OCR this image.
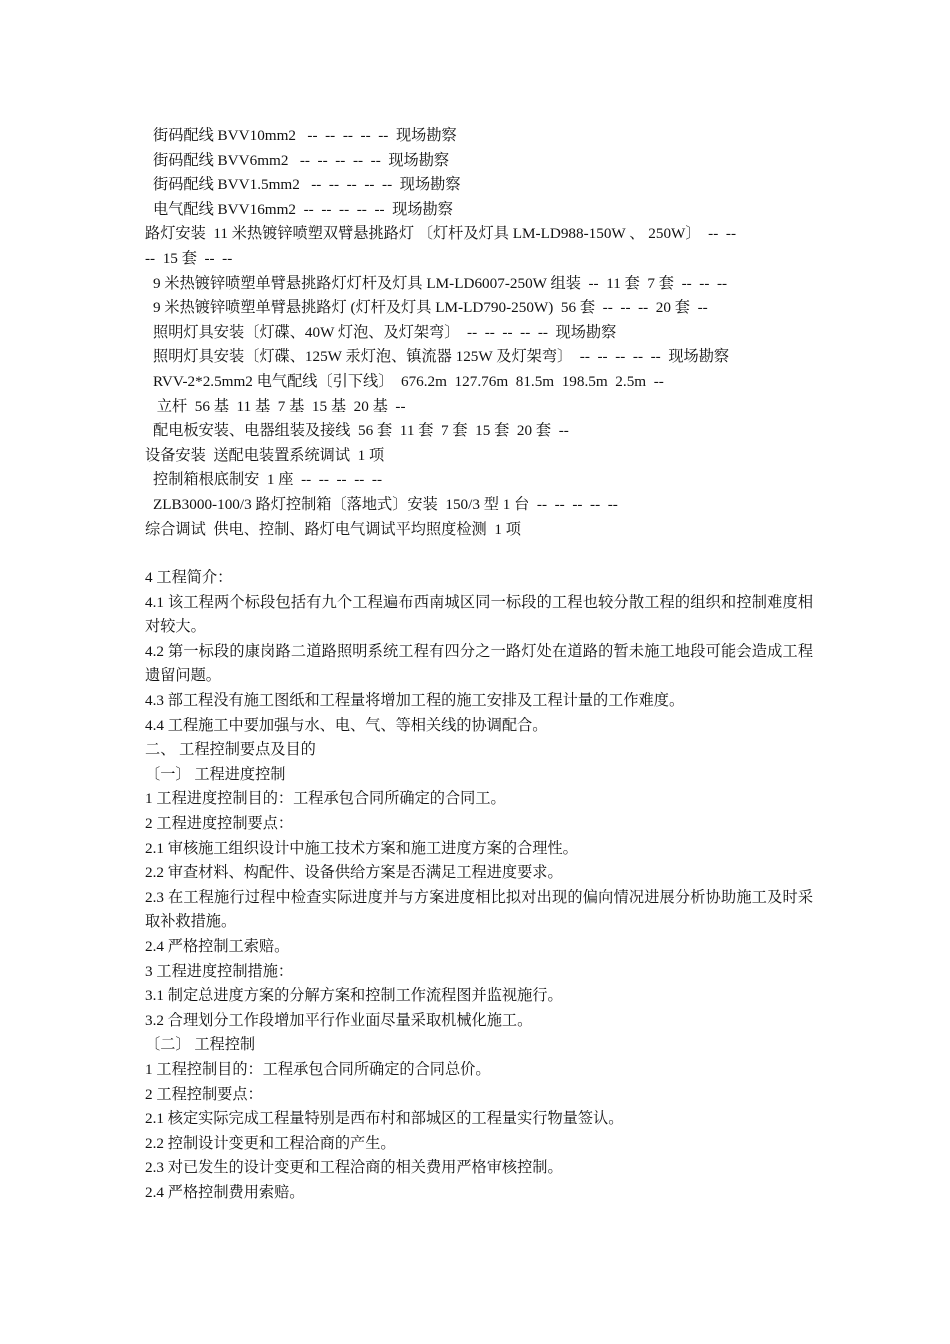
街码配线 BVV10mm2   --  --  --  --  --  现场勘察
街码配线 BVV6mm2   --  --  --  --  --  现场勘察
街码配线 BVV1.5mm2   --  --  --  --  --  现场勘察
电气配线 BVV16mm2  --  --  --  --  --  现场勘察
路灯安装  11 米热镀锌喷塑双臂悬挑路灯 〔灯杆及灯具 LM-LD988-150W 、 250W〕  --  --
--  15 套  --  --
9 米热镀锌喷塑单臂悬挑路灯灯杆及灯具 LM-LD6007-250W 组装  --  11 套  7 套  --  --  --
9 米热镀锌喷塑单臂悬挑路灯 (灯杆及灯具 LM-LD790-250W)  56 套  --  --  --  20 套  --
照明灯具安装〔灯碟、40W 灯泡、及灯架弯〕  --  --  --  --  --  现场勘察
照明灯具安装〔灯碟、125W 汞灯泡、镇流器 125W 及灯架弯〕  --  --  --  --  --  现场勘察
RVV-2*2.5mm2 电气配线〔引下线〕  676.2m  127.76m  81.5m  198.5m  2.5m  --
立杆  56 基  11 基  7 基  15 基  20 基  --
配电板安装、电器组装及接线  56 套  11 套  7 套  15 套  20 套  --
设备安装  送配电装置系统调试  1 项
控制箱根底制安  1 座  --  --  --  --  --
ZLB3000-100/3 路灯控制箱〔落地式〕安装  150/3 型 1 台  --  --  --  --  --
综合调试  供电、控制、路灯电气调试平均照度检测  1 项
4 工程简介：
4.1 该工程两个标段包括有九个工程遍布西南城区同一标段的工程也较分散工程的组织和控制难度相对较大。
4.2 第一标段的康岗路二道路照明系统工程有四分之一路灯处在道路的暂未施工地段可能会造成工程遗留问题。
4.3 部工程没有施工图纸和工程量将增加工程的施工安排及工程计量的工作难度。
4.4 工程施工中要加强与水、电、气、等相关线的协调配合。
二、 工程控制要点及目的
〔一〕 工程进度控制
1 工程进度控制目的：工程承包合同所确定的合同工。
2 工程进度控制要点：
2.1 审核施工组织设计中施工技术方案和施工进度方案的合理性。
2.2 审查材料、构配件、设备供给方案是否满足工程进度要求。
2.3 在工程施行过程中检查实际进度并与方案进度相比拟对出现的偏向情况进展分析协助施工及时采取补救措施。
2.4 严格控制工索赔。
3 工程进度控制措施：
3.1 制定总进度方案的分解方案和控制工作流程图并监视施行。
3.2 合理划分工作段增加平行作业面尽量采取机械化施工。
〔二〕 工程控制
1 工程控制目的：工程承包合同所确定的合同总价。
2 工程控制要点：
2.1 核定实际完成工程量特别是西布村和部城区的工程量实行物量签认。
2.2 控制设计变更和工程洽商的产生。
2.3 对已发生的设计变更和工程洽商的相关费用严格审核控制。
2.4 严格控制费用索赔。
